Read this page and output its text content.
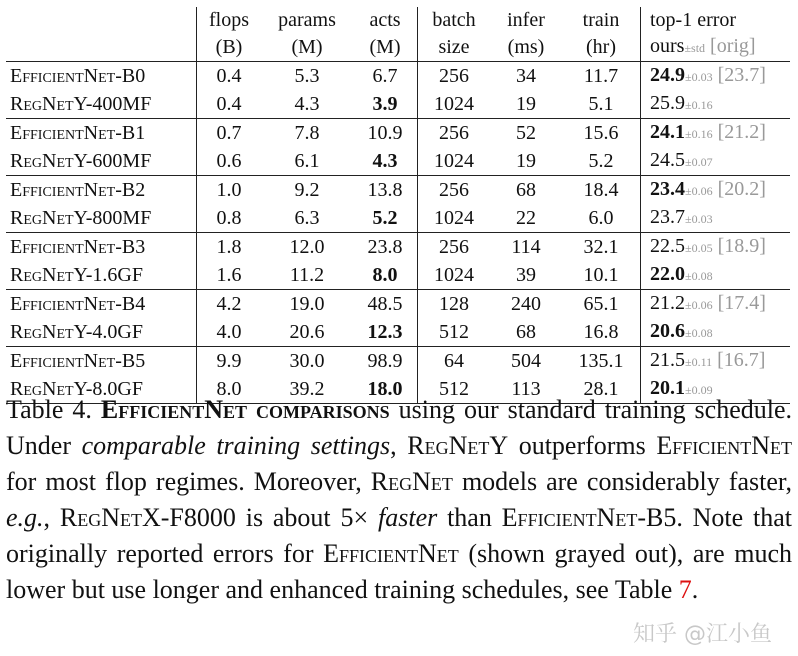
	flops	params	acts	batch	infer	train	top-1 error
	(B)	(M)	(M)	size	(ms)	(hr)	ours±std [orig]
EfficientNet-B0	0.4	5.3	6.7	256	34	11.7	24.9±0.03 [23.7]
RegNetY-400MF	0.4	4.3	3.9	1024	19	5.1	25.9±0.16
EfficientNet-B1	0.7	7.8	10.9	256	52	15.6	24.1±0.16 [21.2]
RegNetY-600MF	0.6	6.1	4.3	1024	19	5.2	24.5±0.07
EfficientNet-B2	1.0	9.2	13.8	256	68	18.4	23.4±0.06 [20.2]
RegNetY-800MF	0.8	6.3	5.2	1024	22	6.0	23.7±0.03
EfficientNet-B3	1.8	12.0	23.8	256	114	32.1	22.5±0.05 [18.9]
RegNetY-1.6GF	1.6	11.2	8.0	1024	39	10.1	22.0±0.08
EfficientNet-B4	4.2	19.0	48.5	128	240	65.1	21.2±0.06 [17.4]
RegNetY-4.0GF	4.0	20.6	12.3	512	68	16.8	20.6±0.08
EfficientNet-B5	9.9	30.0	98.9	64	504	135.1	21.5±0.11 [16.7]
RegNetY-8.0GF	8.0	39.2	18.0	512	113	28.1	20.1±0.09
Table 4. EfficientNet comparisons using our standard training schedule. Under comparable training settings, RegNetY outperforms EfficientNet for most flop regimes. Moreover, RegNet models are considerably faster, e.g., RegNetX-F8000 is about 5× faster than EfficientNet-B5. Note that originally reported errors for EfficientNet (shown grayed out), are much lower but use longer and enhanced training schedules, see Table 7.
知乎 @江小鱼
